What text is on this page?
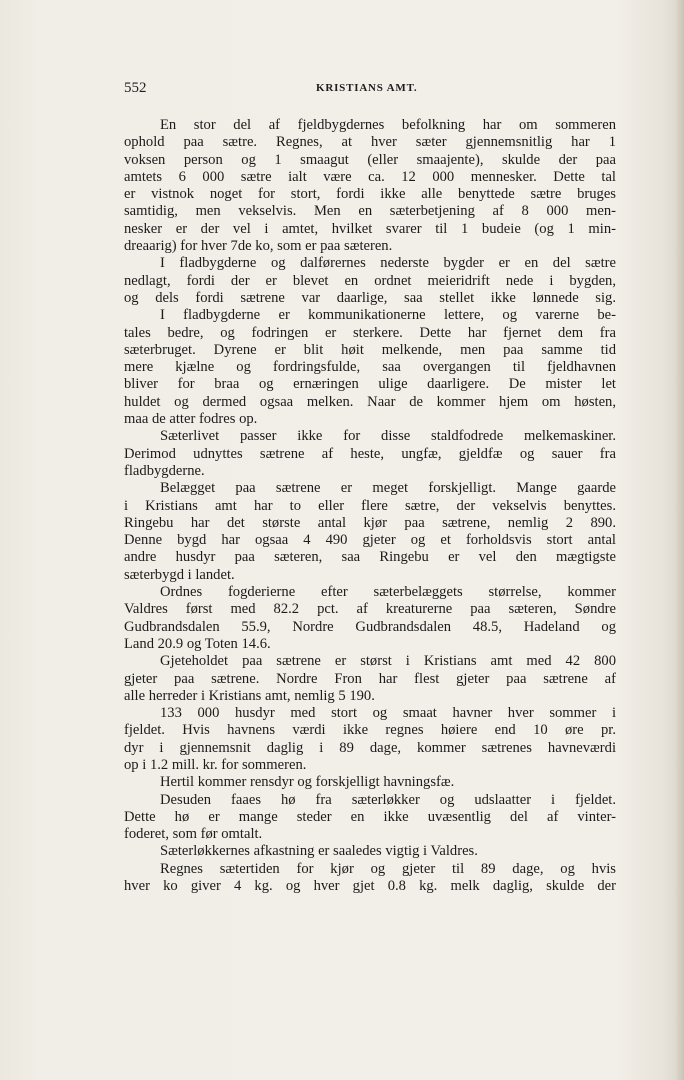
552	KRISTIANS AMT.
En stor del af fjeldbygdernes befolkning har om sommeren
ophold paa sætre. Regnes, at hver sæter gjennemsnitlig har 1
voksen person og 1 smaagut (eller smaajente), skulde der paa
amtets 6 000 sætre ialt være ca. 12 000 mennesker. Dette tal
er vistnok noget for stort, fordi ikke alle benyttede sætre bruges
samtidig, men vekselvis. Men en sæterbetjening af 8 000 men-
nesker er der vel i amtet, hvilket svarer til 1 budeie (og 1 min-
dreaarig) for hver 7de ko, som er paa sæteren.
I fladbygderne og dalførernes nederste bygder er en del sætre
nedlagt, fordi der er blevet en ordnet meieridrift nede i bygden,
og dels fordi sætrene var daarlige, saa stellet ikke lønnede sig.
I fladbygderne er kommunikationerne lettere, og varerne be-
tales bedre, og fodringen er sterkere. Dette har fjernet dem fra
sæterbruget. Dyrene er blit høit melkende, men paa samme tid
mere kjælne og fordringsfulde, saa overgangen til fjeldhavnen
bliver for braa og ernæringen ulige daarligere. De mister let
huldet og dermed ogsaa melken. Naar de kommer hjem om høsten,
maa de atter fodres op.
Sæterlivet passer ikke for disse staldfodrede melkemaskiner.
Derimod udnyttes sætrene af heste, ungfæ, gjeldfæ og sauer fra
fladbygderne.
Belægget paa sætrene er meget forskjelligt. Mange gaarde
i Kristians amt har to eller flere sætre, der vekselvis benyttes.
Ringebu har det største antal kjør paa sætrene, nemlig 2 890.
Denne bygd har ogsaa 4 490 gjeter og et forholdsvis stort antal
andre husdyr paa sæteren, saa Ringebu er vel den mægtigste
sæterbygd i landet.
Ordnes fogderierne efter sæterbelæggets størrelse, kommer
Valdres først med 82.2 pct. af kreaturerne paa sæteren, Søndre
Gudbrandsdalen 55.9, Nordre Gudbrandsdalen 48.5, Hadeland og
Land 20.9 og Toten 14.6.
Gjeteholdet paa sætrene er størst i Kristians amt med 42 800
gjeter paa sætrene. Nordre Fron har flest gjeter paa sætrene af
alle herreder i Kristians amt, nemlig 5 190.
133 000 husdyr med stort og smaat havner hver sommer i
fjeldet. Hvis havnens værdi ikke regnes høiere end 10 øre pr.
dyr i gjennemsnit daglig i 89 dage, kommer sætrenes havneværdi
op i 1.2 mill. kr. for sommeren.
Hertil kommer rensdyr og forskjelligt havningsfæ.
Desuden faaes hø fra sæterløkker og udslaatter i fjeldet.
Dette hø er mange steder en ikke uvæsentlig del af vinter-
foderet, som før omtalt.
Sæterløkkernes afkastning er saaledes vigtig i Valdres.
Regnes sætertiden for kjør og gjeter til 89 dage, og hvis
hver ko giver 4 kg. og hver gjet 0.8 kg. melk daglig, skulde der
